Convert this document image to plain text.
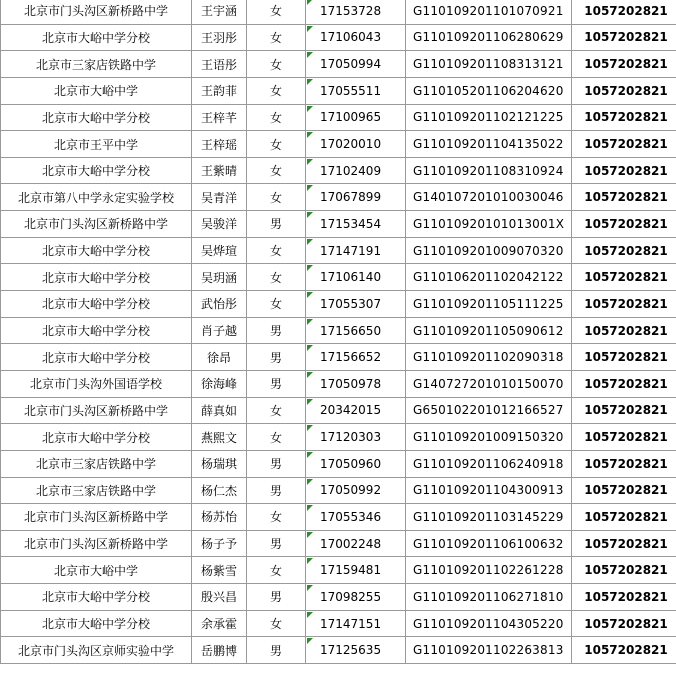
北京市门头沟区新桥路中学	王宇涵	女	17153728	G110109201101070921	1057202821
北京市大峪中学分校	王羽彤	女	17106043	G110109201106280629	1057202821
北京市三家店铁路中学	王语彤	女	17050994	G110109201108313121	1057202821
北京市大峪中学	王韵菲	女	17055511	G110105201106204620	1057202821
北京市大峪中学分校	王梓芊	女	17100965	G110109201102121225	1057202821
北京市王平中学	王梓瑶	女	17020010	G110109201104135022	1057202821
北京市大峪中学分校	王紫晴	女	17102409	G110109201108310924	1057202821
北京市第八中学永定实验学校	吴青洋	女	17067899	G140107201010030046	1057202821
北京市门头沟区新桥路中学	吴骏洋	男	17153454	G11010920101013001X	1057202821
北京市大峪中学分校	吴烨瑄	女	17147191	G110109201009070320	1057202821
北京市大峪中学分校	吴玥涵	女	17106140	G110106201102042122	1057202821
北京市大峪中学分校	武怡彤	女	17055307	G110109201105111225	1057202821
北京市大峪中学分校	肖子越	男	17156650	G110109201105090612	1057202821
北京市大峪中学分校	徐昂	男	17156652	G110109201102090318	1057202821
北京市门头沟外国语学校	徐海峰	男	17050978	G140727201010150070	1057202821
北京市门头沟区新桥路中学	薛真如	女	20342015	G650102201012166527	1057202821
北京市大峪中学分校	燕熙文	女	17120303	G110109201009150320	1057202821
北京市三家店铁路中学	杨瑞琪	男	17050960	G110109201106240918	1057202821
北京市三家店铁路中学	杨仁杰	男	17050992	G110109201104300913	1057202821
北京市门头沟区新桥路中学	杨苏怡	女	17055346	G110109201103145229	1057202821
北京市门头沟区新桥路中学	杨子予	男	17002248	G110109201106100632	1057202821
北京市大峪中学	杨紫雪	女	17159481	G110109201102261228	1057202821
北京市大峪中学分校	殷兴昌	男	17098255	G110109201106271810	1057202821
北京市大峪中学分校	余承霍	女	17147151	G110109201104305220	1057202821
北京市门头沟区京师实验中学	岳鹏博	男	17125635	G110109201102263813	1057202821
